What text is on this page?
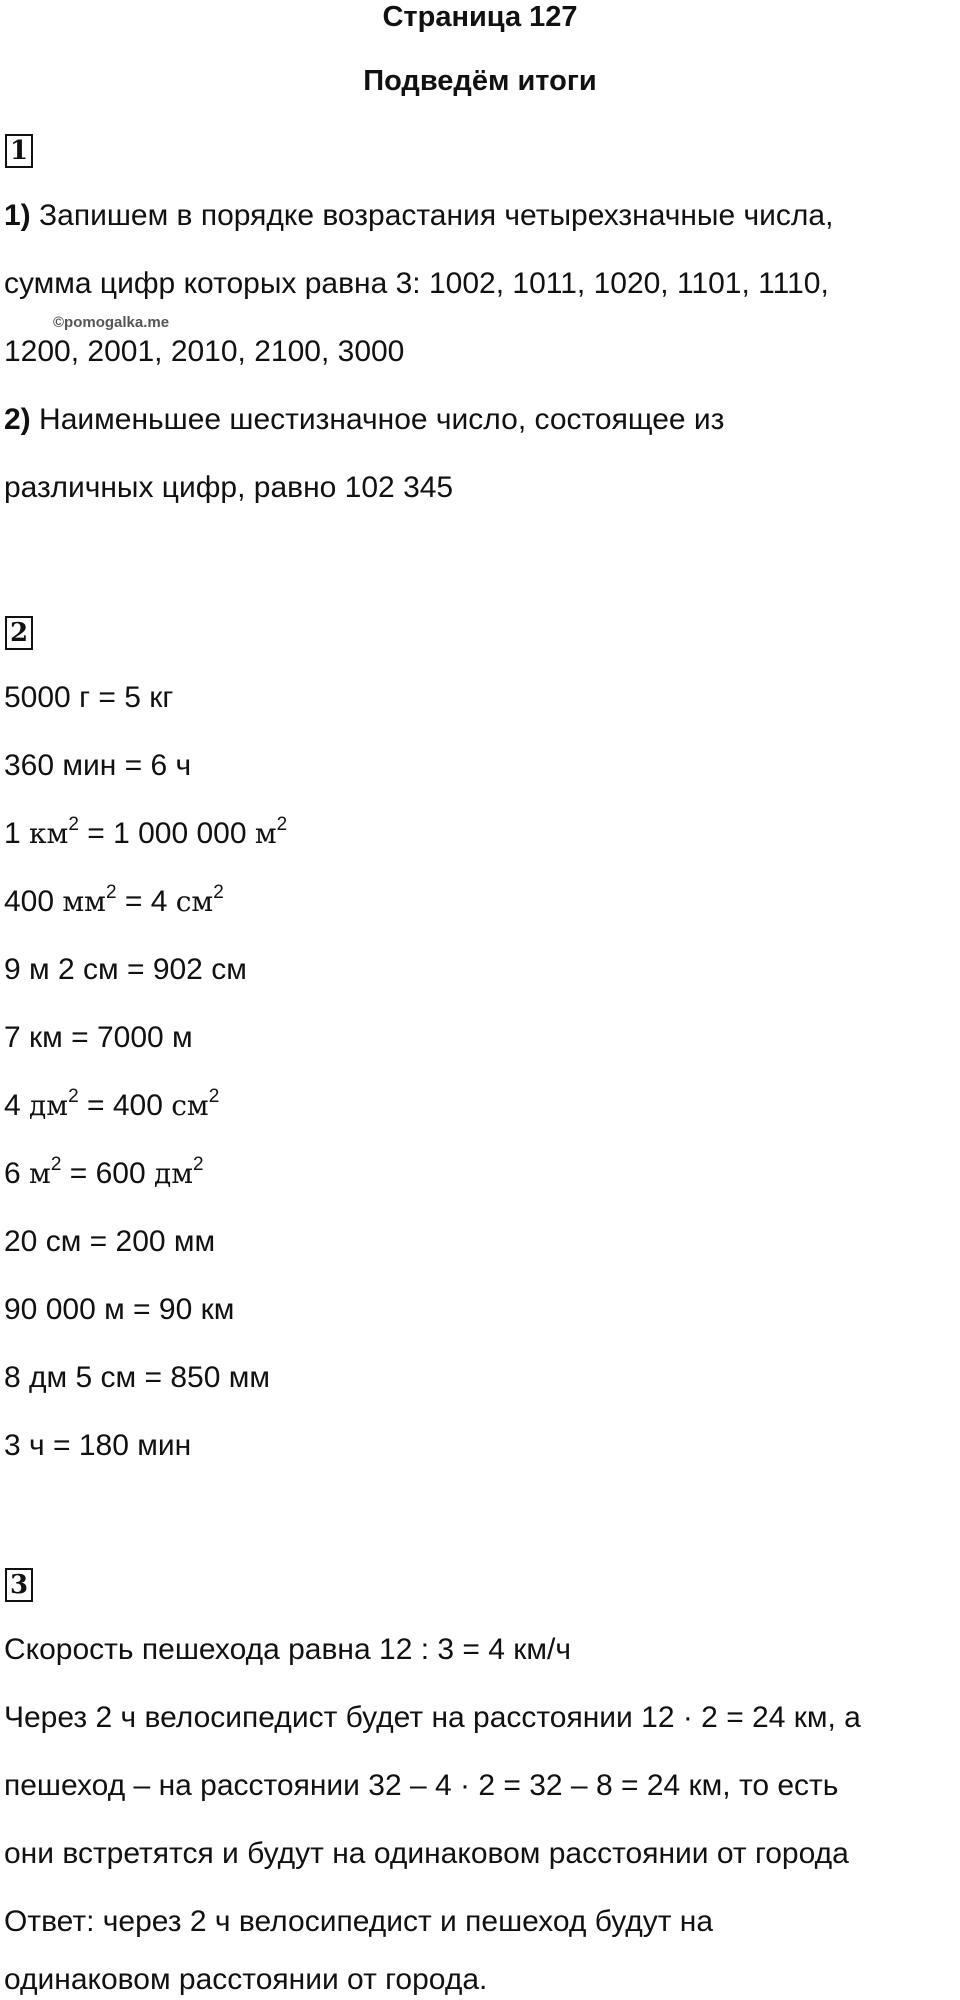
Страница 127
Подведём итоги
1
1) Запишем в порядке возрастания четырехзначные числа,
сумма цифр которых равна 3: 1002, 1011, 1020, 1101, 1110,
1200, 2001, 2010, 2100, 3000
©pomogalka.me
2) Наименьшее шестизначное число, состоящее из
различных цифр, равно 102 345
2
5000 г = 5 кг
360 мин = 6 ч
1 $км^2 = 1$ 000 000 $м^2$
400 $мм^2 = 4$ $см^2$
9 м 2 см = 902 см
7 км = 7000 м
4 $дм^2 = 400$ $см^2$
6 $м^2 = 600$ $дм^2$
20 см = 200 мм
90 000 м = 90 км
8 дм 5 см = 850 мм
3 ч = 180 мин
3
Скорость пешехода равна 12 : 3 = 4 км/ч
Через 2 ч велосипедист будет на расстоянии 12 · 2 = 24 км, а
пешеход – на расстоянии 32 – 4 · 2 = 32 – 8 = 24 км, то есть
они встретятся и будут на одинаковом расстоянии от города
Ответ: через 2 ч велосипедист и пешеход будут на
одинаковом расстоянии от города.
